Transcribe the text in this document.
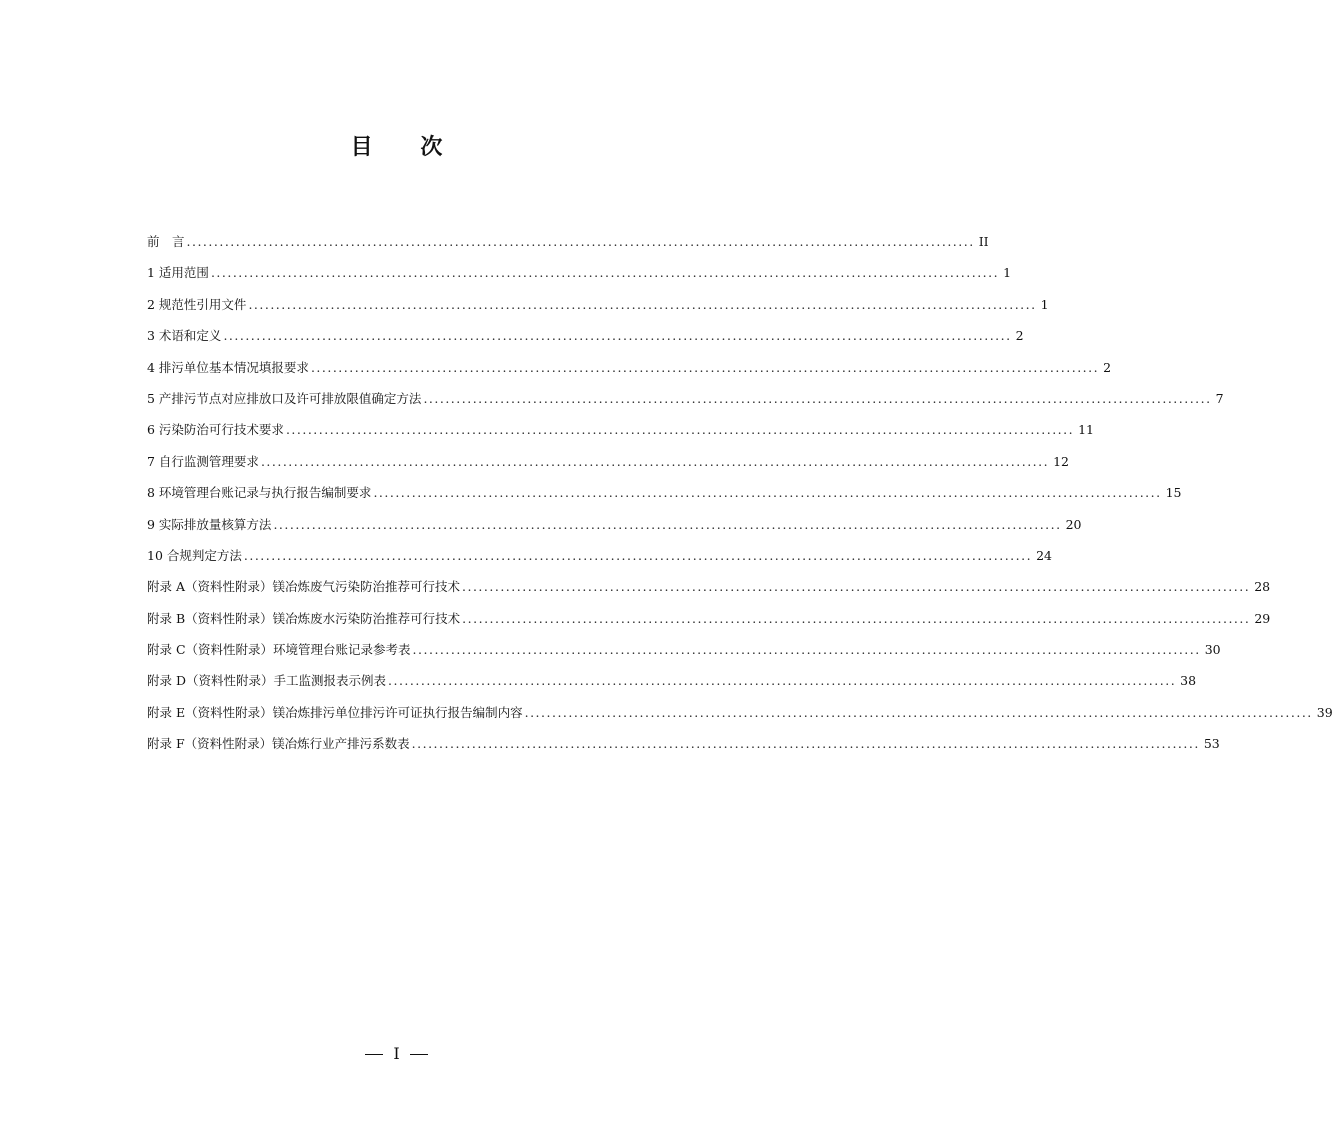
目 次
前　言 ................................................................................................................................................ II
1 适用范围 ................................................................................................................................................ 1
2 规范性引用文件 ................................................................................................................................................ 1
3 术语和定义 ................................................................................................................................................ 2
4 排污单位基本情况填报要求 ................................................................................................................................................ 2
5 产排污节点对应排放口及许可排放限值确定方法 ................................................................................................................................................ 7
6 污染防治可行技术要求 ................................................................................................................................................ 11
7 自行监测管理要求 ................................................................................................................................................ 12
8 环境管理台账记录与执行报告编制要求 ................................................................................................................................................ 15
9 实际排放量核算方法 ................................................................................................................................................ 20
10 合规判定方法 ................................................................................................................................................ 24
附录 A（资料性附录）镁冶炼废气污染防治推荐可行技术 ................................................................................................................................................ 28
附录 B（资料性附录）镁冶炼废水污染防治推荐可行技术 ................................................................................................................................................ 29
附录 C（资料性附录）环境管理台账记录参考表 ................................................................................................................................................ 30
附录 D（资料性附录）手工监测报表示例表 ................................................................................................................................................ 38
附录 E（资料性附录）镁冶炼排污单位排污许可证执行报告编制内容 ................................................................................................................................................ 39
附录 F（资料性附录）镁冶炼行业产排污系数表 ................................................................................................................................................ 53
I
